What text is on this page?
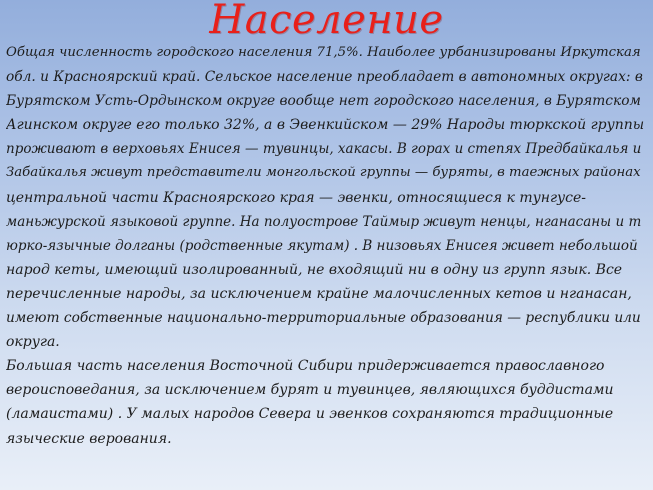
Население
Общая численность городского населения 71,5%. Наиболее урбанизированы Иркутская
обл. и Красноярский край. Сельское население преобладает в автономных округах: в
Бурятском Усть-Ордынском округе вообще нет городского населения, в Бурятском
Агинском округе его только 32%, а в Эвенкийском — 29% Народы тюркской группы
проживают в верховьях Енисея — тувинцы, хакасы. В горах и степях Предбайкалья и
Забайкалья живут представители монгольской группы — буряты, в таежных районах
центральной части Красноярского края — эвенки, относящиеся к тунгусе-
маньжурской языковой группе. На полуострове Таймыр живут ненцы, нганасаны и т
юрко-язычные долганы (родственные якутам) . В низовьях Енисея живет небольшой
народ кеты, имеющий изолированный, не входящий ни в одну из групп язык. Все
перечисленные народы, за исключением крайне малочисленных кетов и нганасан,
имеют собственные национально-территориальные образования — республики или
округа.
Большая часть населения Восточной Сибири придерживается православного
вероисповедания, за исключением бурят и тувинцев, являющихся буддистами
(ламаистами) . У малых народов Севера и эвенков сохраняются традиционные
языческие верования.
